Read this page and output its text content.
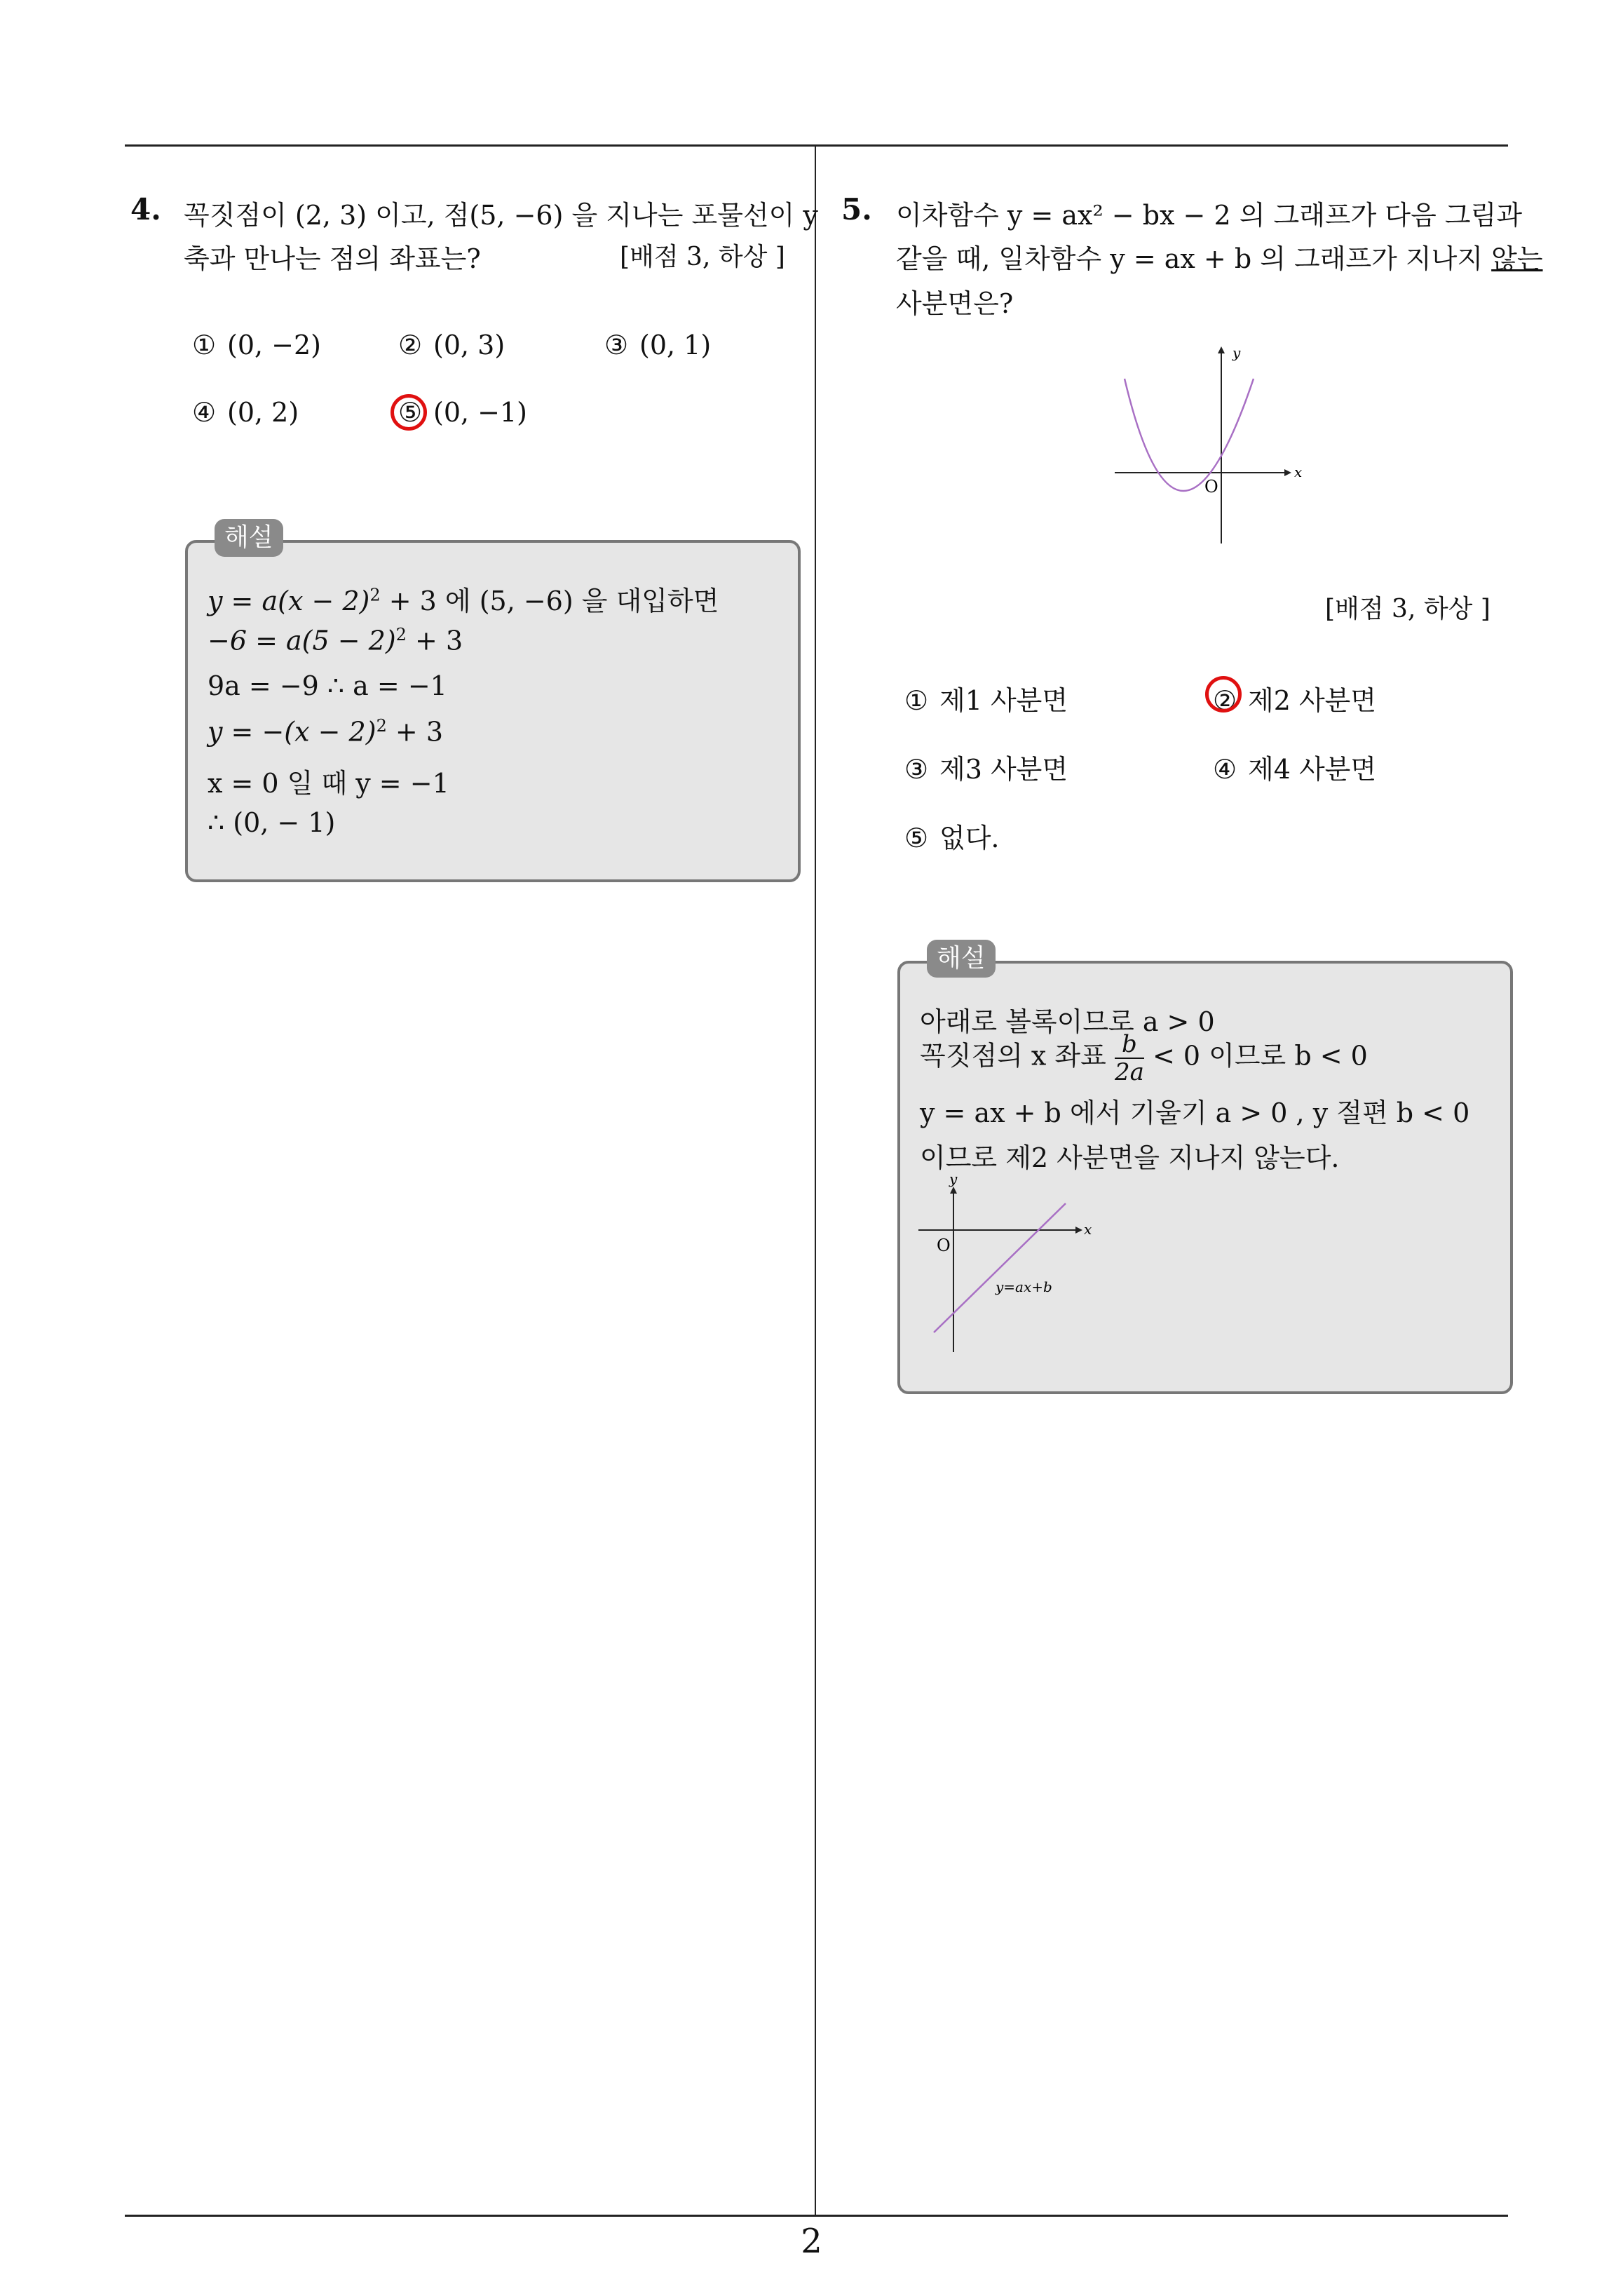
2
4. 꼭짓점이 (2, 3) 이고, 점(5, −6) 을 지나는 포물선이 y
축과 만나는 점의 좌표는?	[배점 3, 하상 ]
① (0, −2)	② (0, 3)	③ (0, 1)
④ (0, 2)	⑤ (0, −1)
해설
$y = a(x - 2)^2 + 3$ 에 (5, −6) 을 대입하면
$-6 = a(5 - 2)^2 + 3$
9a = −9 ∴ a = −1
$y = -(x - 2)^2 + 3$
x = 0 일 때 y = −1
∴ (0, − 1)
5. 이차함수 y = ax² − bx − 2 의 그래프가 다음 그림과
같을 때, 일차함수 y = ax + b 의 그래프가 지나지 않는
사분면은?
y
x
O
[배점 3, 하상 ]
① 제1 사분면	② 제2 사분면
③ 제3 사분면	④ 제4 사분면
⑤ 없다.
해설
아래로 볼록이므로 a > 0
꼭짓점의 x 좌표 $\frac{b}{2a} < 0$ 이므로 b < 0
y = ax + b 에서 기울기 a > 0 , y 절편 b < 0
이므로 제2 사분면을 지나지 않는다.
y
x
O
y=ax+b
